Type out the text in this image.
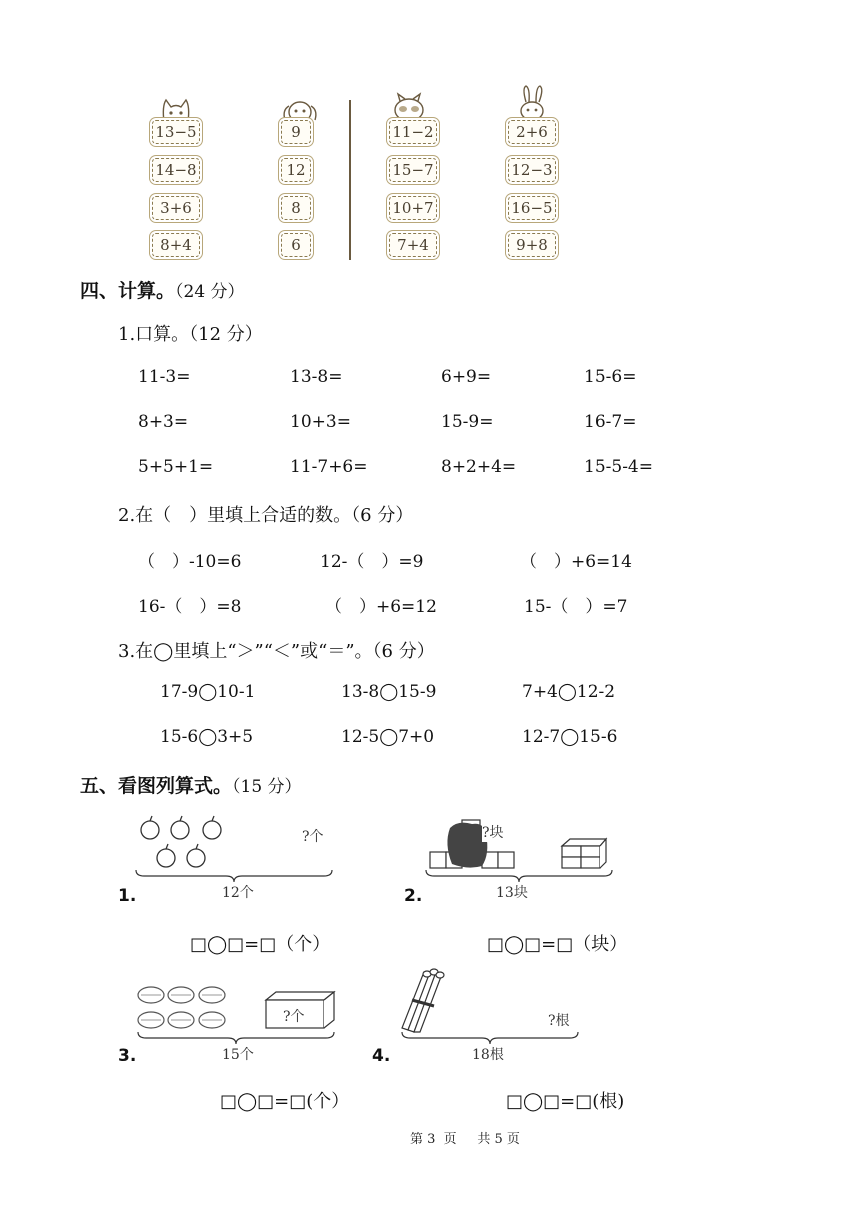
13−5
14−8
3+6
8+4
9
12
8
6
11−2
15−7
10+7
7+4
2+6
12−3
16−5
9+8
四、计算。（24 分）
1.口算。（12 分）
11-3=	13-8=	6+9=	15-6=
8+3=	10+3=	15-9=	16-7=
5+5+1=	11-7+6=	8+2+4=	15-5-4=
2.在（　）里填上合适的数。（6 分）
（　）-10=6	12-（　）=9	（　）+6=14
16-（　）=8	（　）+6=12	15-（　）=7
3.在◯里填上“＞”“＜”或“＝”。（6 分）
17-9◯10-1	13-8◯15-9	7+4◯12-2
15-6◯3+5	12-5◯7+0	12-7◯15-6
五、看图列算式。（15 分）
?个
12个
1.
□◯□=□（个）
?块
13块
2.
□◯□=□（块）
?个
15个
3.
□◯□=□(个）
?根
18根
4.
□◯□=□(根)
第 3  页     共 5 页
